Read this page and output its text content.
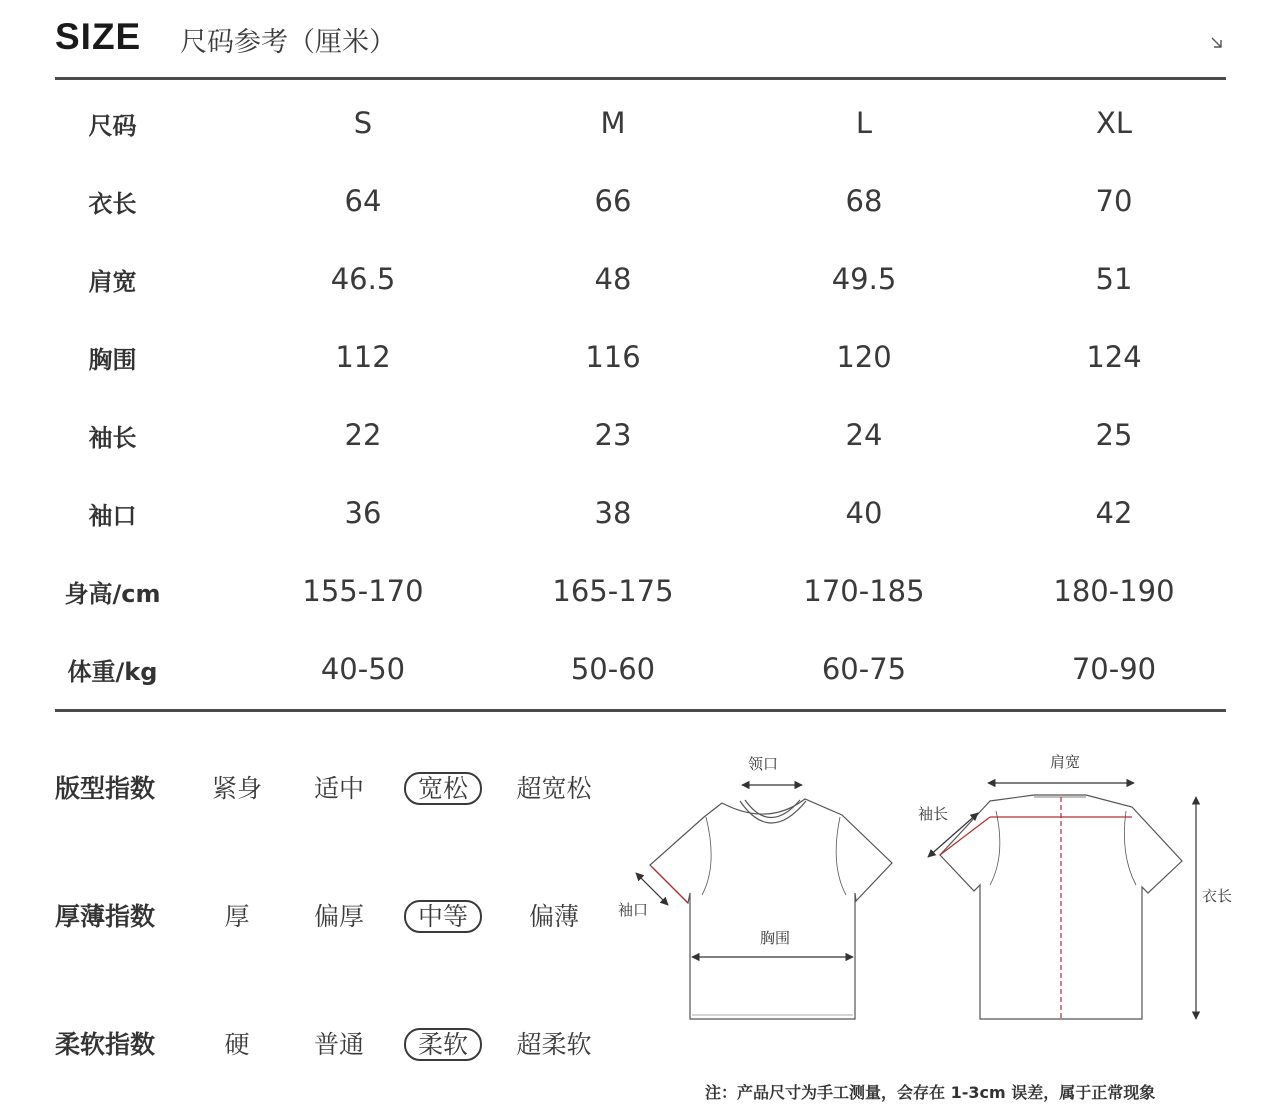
SIZE 尺码参考（厘米）
尺码	S	M	L	XL
衣长	64	66	68	70
肩宽	46.5	48	49.5	51
胸围	112	116	120	124
袖长	22	23	24	25
袖口	36	38	40	42
身高/cm	155-170	165-175	170-185	180-190
体重/kg	40-50	50-60	60-75	70-90
版型指数	紧身	适中	宽松	超宽松
厚薄指数	厚	偏厚	中等	偏薄
柔软指数	硬	普通	柔软	超柔软
领口
袖口
胸围
肩宽
袖长
衣长
注：产品尺寸为手工测量，会存在 1-3cm 误差，属于正常现象
